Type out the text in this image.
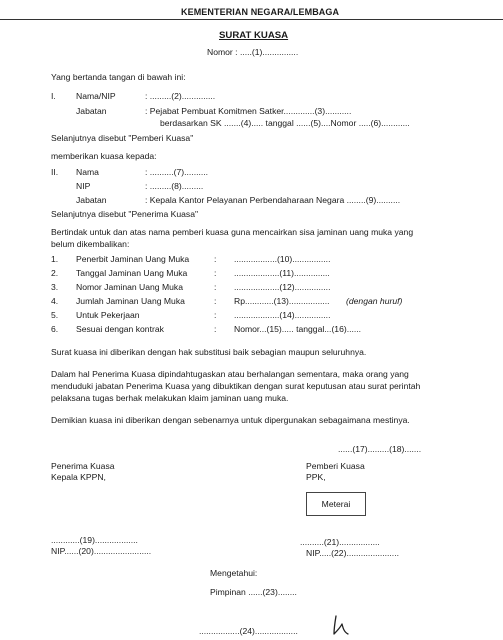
KEMENTERIAN NEGARA/LEMBAGA
SURAT KUASA
Nomor : .....(1)...............
Yang bertanda tangan di bawah ini:
I. Nama/NIP	: .........(2)..............
Jabatan	: Pejabat Pembuat Komitmen Satker.............(3)...........
berdasarkan SK .......(4)..... tanggal ......(5)....Nomor .....(6)............
Selanjutnya disebut "Pemberi Kuasa"
memberikan kuasa kepada:
II. Nama	: ..........(7)..........
NIP	: .........(8).........
Jabatan	: Kepala Kantor Pelayanan Perbendaharaan Negara ........(9)..........
Selanjutnya disebut "Penerima Kuasa"
Bertindak untuk dan atas nama pemberi kuasa guna mencairkan sisa jaminan uang muka yang
belum dikembalikan:
1. Penerbit Jaminan Uang Muka	: ..................(10)................
2. Tanggal Jaminan Uang Muka	: ...................(11)...............
3. Nomor Jaminan Uang Muka	: ...................(12)...............
4. Jumlah Jaminan Uang Muka	: Rp............(13)................. (dengan huruf)
5. Untuk Pekerjaan	: ...................(14)...............
6. Sesuai dengan kontrak	: Nomor...(15)..... tanggal...(16)......
Surat kuasa ini diberikan dengan hak substitusi baik sebagian maupun seluruhnya.
Dalam hal Penerima Kuasa dipindahtugaskan atau berhalangan sementara, maka orang yang
menduduki jabatan Penerima Kuasa yang dibuktikan dengan surat keputusan atau surat perintah
pelaksana tugas berhak melakukan klaim jaminan uang muka.
Demikian kuasa ini diberikan dengan sebenarnya untuk dipergunakan sebagaimana mestinya.
......(17).........(18).......
Penerima Kuasa
Kepala KPPN,
Pemberi Kuasa
PPK,
Meterai
............(19)..................
NIP......(20)........................
..........(21).................
NIP.....(22)......................
Mengetahui:
Pimpinan ......(23)........
.................(24)..................
